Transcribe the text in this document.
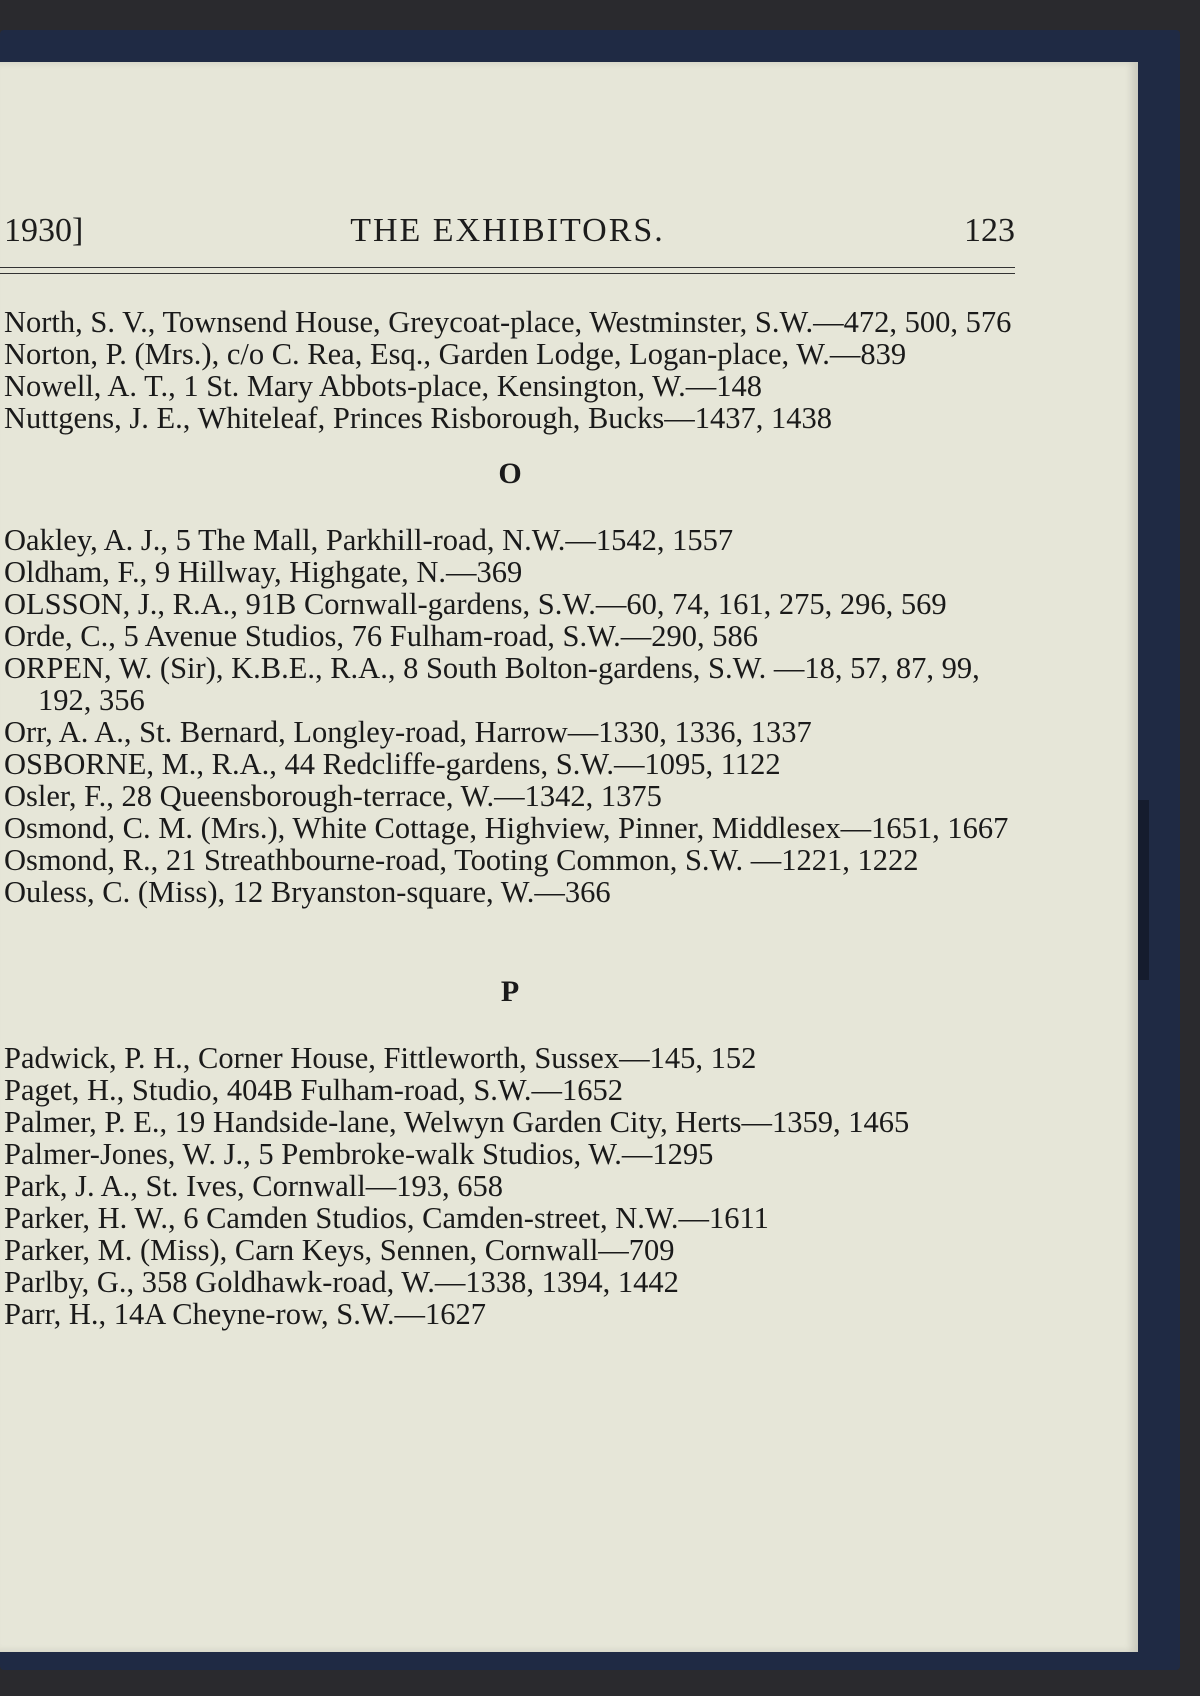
1930]	THE EXHIBITORS.	123

North, S. V., Townsend House, Greycoat-place, Westminster, S.W.—472, 500, 576

Norton, P. (Mrs.), c/o C. Rea, Esq., Garden Lodge, Logan-place, W.—839

Nowell, A. T., 1 St. Mary Abbots-place, Kensington, W.—148

Nuttgens, J. E., Whiteleaf, Princes Risborough, Bucks—1437, 1438

O

Oakley, A. J., 5 The Mall, Parkhill-road, N.W.—1542, 1557

Oldham, F., 9 Hillway, Highgate, N.—369

OLSSON, J., R.A., 91B Cornwall-gardens, S.W.—60, 74, 161, 275, 296, 569

Orde, C., 5 Avenue Studios, 76 Fulham-road, S.W.—290, 586

ORPEN, W. (Sir), K.B.E., R.A., 8 South Bolton-gardens, S.W. —18, 57, 87, 99, 192, 356

Orr, A. A., St. Bernard, Longley-road, Harrow—1330, 1336, 1337

OSBORNE, M., R.A., 44 Redcliffe-gardens, S.W.—1095, 1122

Osler, F., 28 Queensborough-terrace, W.—1342, 1375

Osmond, C. M. (Mrs.), White Cottage, Highview, Pinner, Middlesex—1651, 1667

Osmond, R., 21 Streathbourne-road, Tooting Common, S.W. —1221, 1222

Ouless, C. (Miss), 12 Bryanston-square, W.—366

P

Padwick, P. H., Corner House, Fittleworth, Sussex—145, 152

Paget, H., Studio, 404B Fulham-road, S.W.—1652

Palmer, P. E., 19 Handside-lane, Welwyn Garden City, Herts—1359, 1465

Palmer-Jones, W. J., 5 Pembroke-walk Studios, W.—1295

Park, J. A., St. Ives, Cornwall—193, 658

Parker, H. W., 6 Camden Studios, Camden-street, N.W.—1611

Parker, M. (Miss), Carn Keys, Sennen, Cornwall—709

Parlby, G., 358 Goldhawk-road, W.—1338, 1394, 1442

Parr, H., 14A Cheyne-row, S.W.—1627
